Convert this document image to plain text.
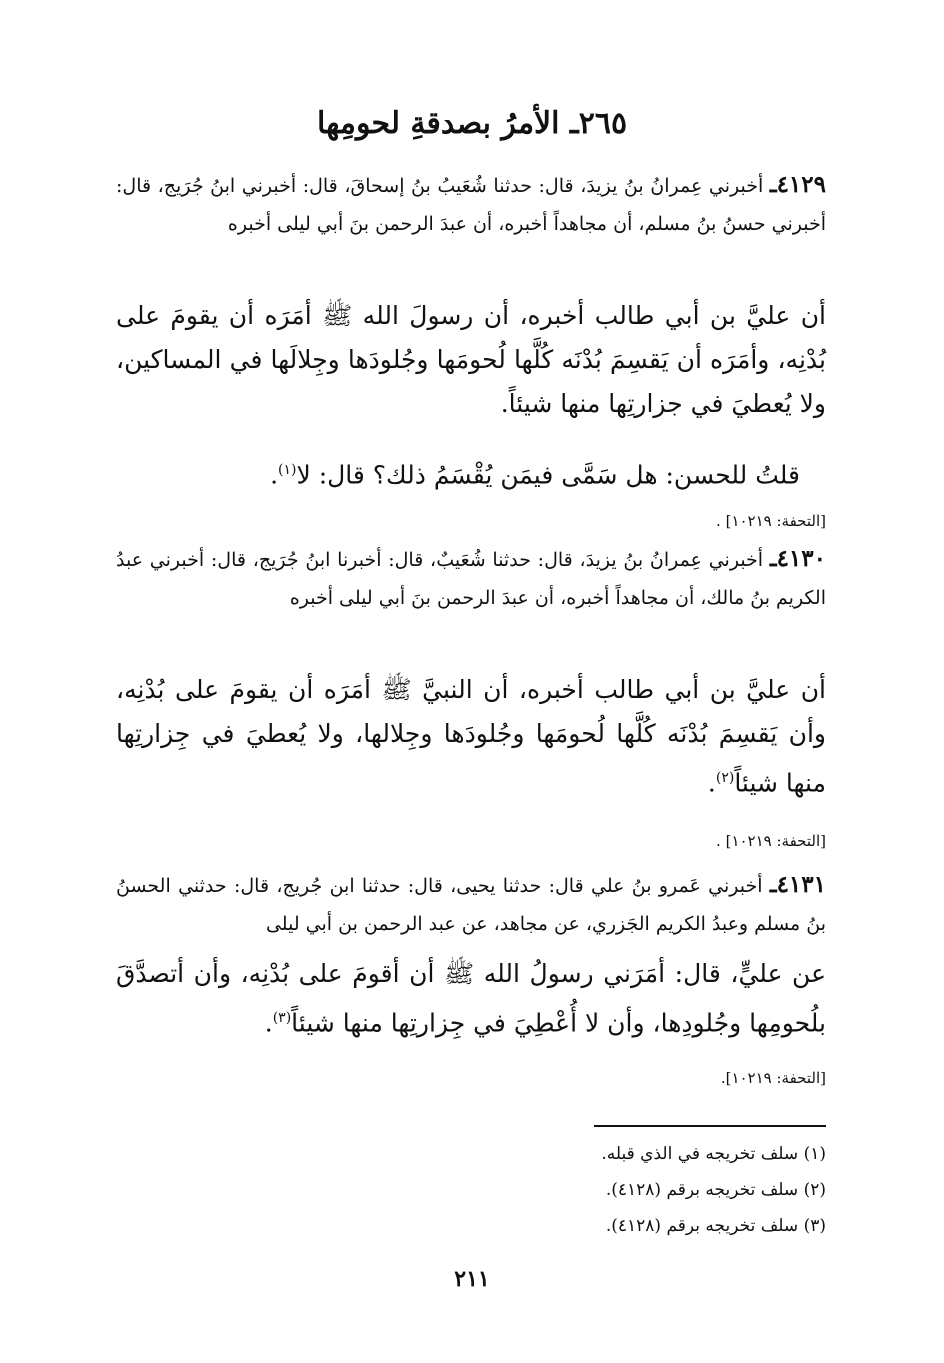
٢٦٥ـ الأمرُ بصدقةِ لحومِها
٤١٢٩ـ أخبرني عِمرانُ بنُ يزيدَ، قال: حدثنا شُعَيبُ بنُ إسحاقَ، قال: أخبرني ابنُ جُرَيج، قال: أخبرني حسنُ بنُ مسلم، أن مجاهداً أخبره، أن عبدَ الرحمن بنَ أبي ليلى أخبره
أن عليَّ بن أبي طالب أخبره، أن رسولَ الله ﷺ أمَرَه أن يقومَ على بُدْنِه، وأمَرَه أن يَقسِمَ بُدْنَه كُلَّها لُحومَها وجُلودَها وجِلالَها في المساكين، ولا يُعطيَ في جزارتِها منها شيئاً.
قلتُ للحسن: هل سَمَّى فيمَن يُقْسَمُ ذلك؟ قال: لا$^{(١)}$.
[التحفة: ١٠٢١٩] .
٤١٣٠ـ أخبرني عِمرانُ بنُ يزيدَ، قال: حدثنا شُعَيبٌ، قال: أخبرنا ابنُ جُرَيج، قال: أخبرني عبدُ الكريم بنُ مالك، أن مجاهداً أخبره، أن عبدَ الرحمن بنَ أبي ليلى أخبره
أن عليَّ بن أبي طالب أخبره، أن النبيَّ ﷺ أمَرَه أن يقومَ على بُدْنِه، وأن يَقسِمَ بُدْنَه كُلَّها لُحومَها وجُلودَها وجِلالها، ولا يُعطيَ في جِزارتِها منها شيئاً$^{(٢)}$.
[التحفة: ١٠٢١٩] .
٤١٣١ـ أخبرني عَمرو بنُ علي قال: حدثنا يحيى، قال: حدثنا ابن جُريج، قال: حدثني الحسنُ بنُ مسلم وعبدُ الكريم الجَزري، عن مجاهد، عن عبد الرحمن بن أبي ليلى
عن عليٍّ، قال: أمَرَني رسولُ الله ﷺ أن أقومَ على بُدْنِه، وأن أتصدَّقَ بلُحومِها وجُلودِها، وأن لا أُعْطِيَ في جِزارتِها منها شيئاً$^{(٣)}$.
[التحفة: ١٠٢١٩].
(١) سلف تخريجه في الذي قبله.
(٢) سلف تخريجه برقم (٤١٢٨).
(٣) سلف تخريجه برقم (٤١٢٨).
٢١١
